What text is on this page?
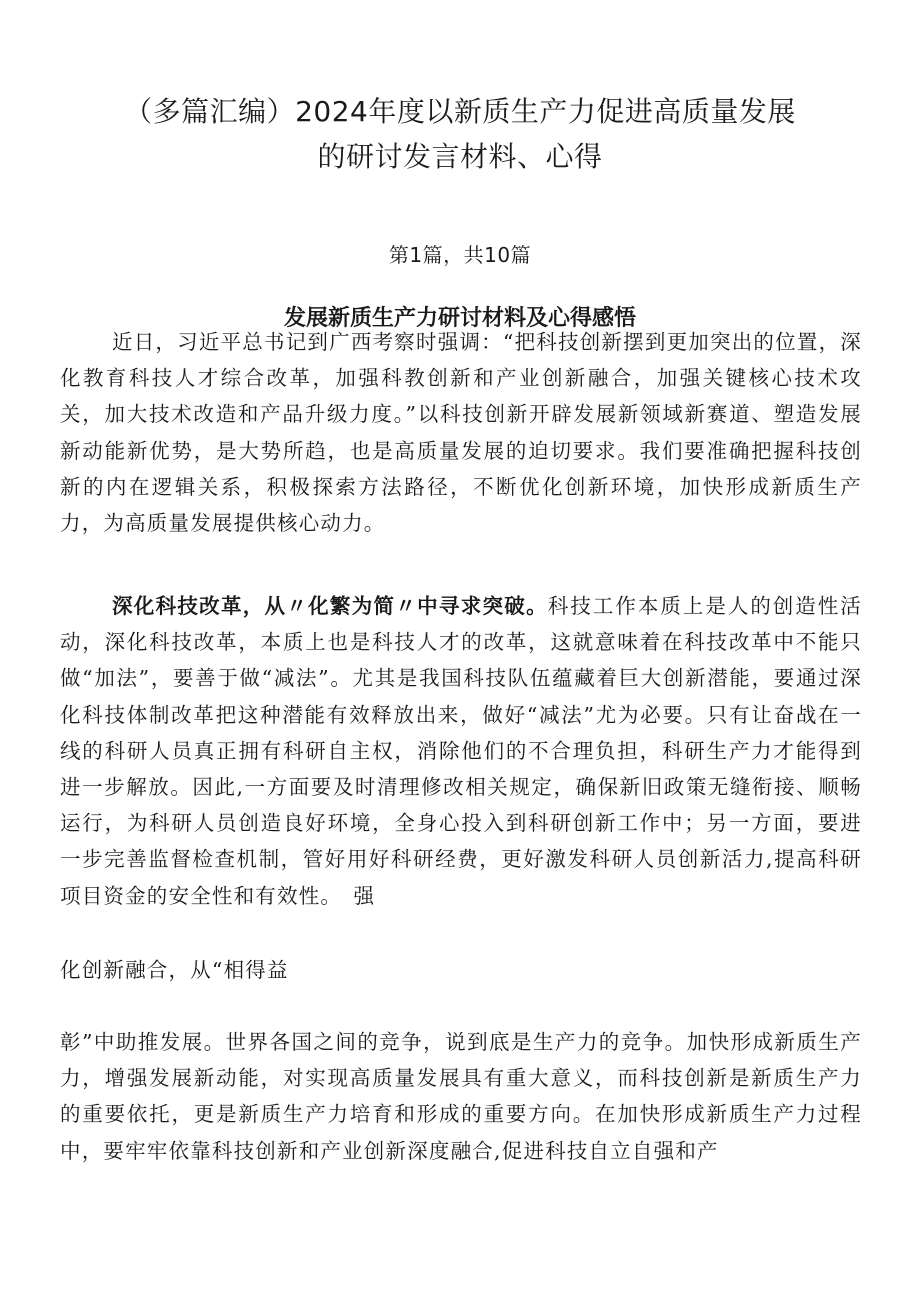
（多篇汇编）2024年度以新质生产力促进高质量发展
的研讨发言材料、心得
第1篇，共10篇
发展新质生产力研讨材料及心得感悟

近日，习近平总书记到广西考察时强调：“把科技创新摆到更加突出的位置，深化教育科技人才综合改革，加强科教创新和产业创新融合，加强关键核心技术攻关，加大技术改造和产品升级力度。”以科技创新开辟发展新领域新赛道、塑造发展新动能新优势，是大势所趋，也是高质量发展的迫切要求。我们要准确把握科技创新的内在逻辑关系，积极探索方法路径，不断优化创新环境，加快形成新质生产力，为高质量发展提供核心动力。

深化科技改革，从〃化繁为简〃中寻求突破。科技工作本质上是人的创造性活动，深化科技改革，本质上也是科技人才的改革，这就意味着在科技改革中不能只做“加法”，要善于做“减法”。尤其是我国科技队伍蕴藏着巨大创新潜能，要通过深化科技体制改革把这种潜能有效释放出来，做好“减法”尤为必要。只有让奋战在一线的科研人员真正拥有科研自主权，消除他们的不合理负担，科研生产力才能得到进一步解放。因此,一方面要及时清理修改相关规定，确保新旧政策无缝衔接、顺畅运行，为科研人员创造良好环境，全身心投入到科研创新工作中；另一方面，要进一步完善监督检查机制，管好用好科研经费，更好激发科研人员创新活力,提高科研项目资金的安全性和有效性。　强

化创新融合，从“相得益

彰”中助推发展。世界各国之间的竞争，说到底是生产力的竞争。加快形成新质生产力，增强发展新动能，对实现高质量发展具有重大意义，而科技创新是新质生产力的重要依托，更是新质生产力培育和形成的重要方向。在加快形成新质生产力过程中，要牢牢依靠科技创新和产业创新深度融合,促进科技自立自强和产
